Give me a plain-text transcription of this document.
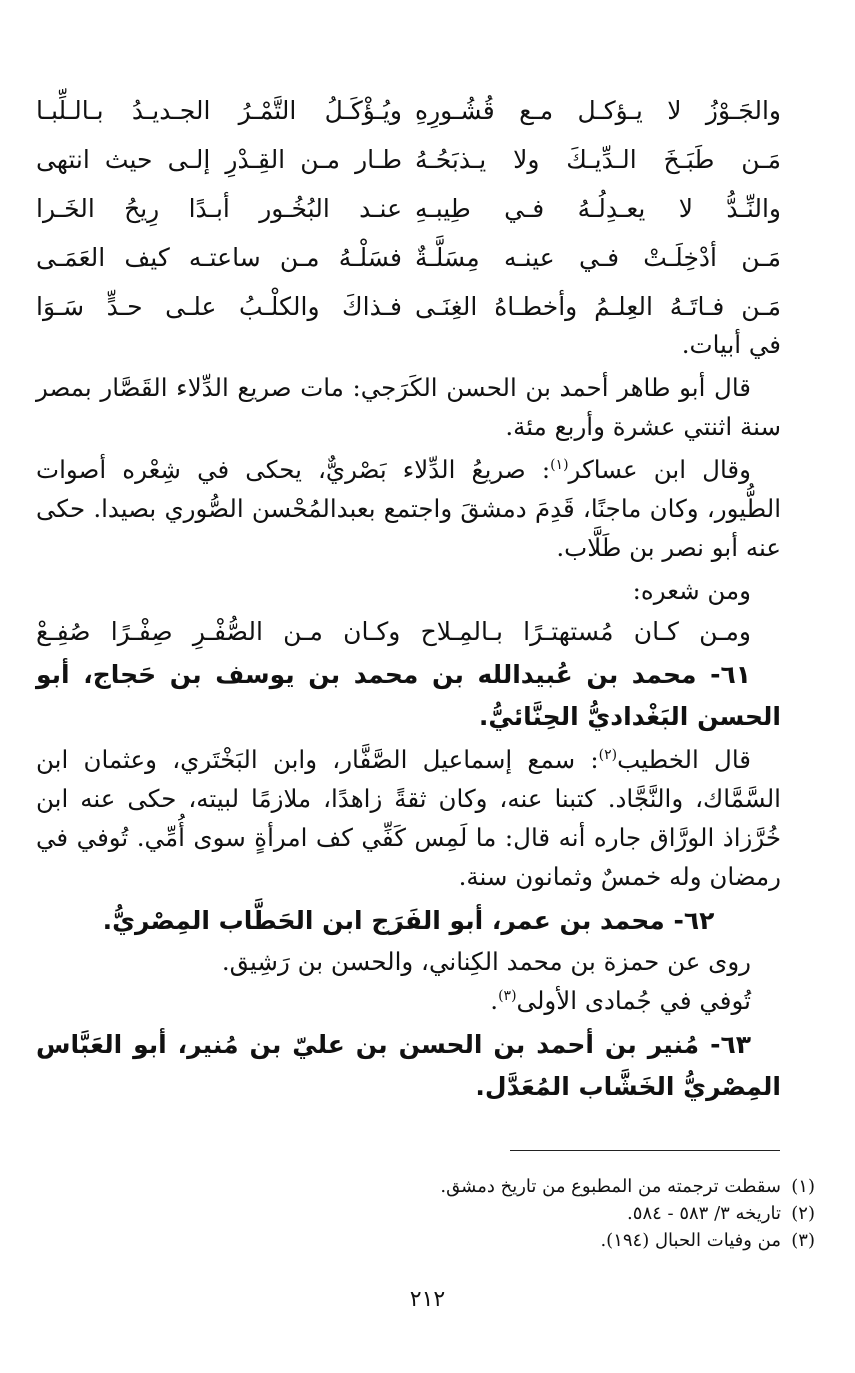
والجَـوْزُ لا يـؤكـل مـع قُشُـورِهِ
ويُـؤْكَـلُ التَّمْـرُ الجـديـدُ بـالـلِّبـا
مَـن طَبَـخَ الـدِّيـكَ ولا يـذبَحُـهُ
طـار مـن القِـدْرِ إلـى حيث انتهى
والنِّـدُّ لا يعـدِلُـهُ فـي طِيبـهِ
عنـد البُخُـور أبـدًا رِيحُ الخَـرا
مَـن أدْخِلَـتْ فـي عينـه مِسَلَّـةٌ
فسَلْـهُ مـن ساعتـه كيف العَمَـى
مَـن فـاتَـهُ العِلـمُ وأخطـاهُ الغِنَـى
فـذاكَ والكلْـبُ علـى حـدٍّ سَـوَا

في أبيات.

قال أبو طاهر أحمد بن الحسن الكَرَجي: مات صريع الدِّلاء القَصَّار بمصر سنة اثنتي عشرة وأربع مئة.

وقال ابن عساكر$^{(١)}$: صريعُ الدِّلاء بَصْريٌّ، يحكى في شِعْره أصوات الطُّيور، وكان ماجنًا، قَدِمَ دمشقَ واجتمع بعبدالمُحْسن الصُّوري بصيدا. حكى عنه أبو نصر بن طَلَّاب.

ومن شعره:

ومـن كـان مُستهتـرًا بـالمِـلاح وكـان مـن الصُّفْـرِ صِفْـرًا صُفِـعْ

٦١- محمد بن عُبيدالله بن محمد بن يوسف بن حَجاج، أبو الحسن البَغْداديُّ الحِنَّائيُّ.

قال الخطيب$^{(٢)}$: سمع إسماعيل الصَّفَّار، وابن البَخْتَري، وعثمان ابن السَّمَّاك، والنَّجَّاد. كتبنا عنه، وكان ثقةً زاهدًا، ملازمًا لبيته، حكى عنه ابن خُرَّزاذ الورَّاق جاره أنه قال: ما لَمِس كَفِّي كف امرأةٍ سوى أُمِّي. تُوفي في رمضان وله خمسٌ وثمانون سنة.

٦٢- محمد بن عمر، أبو الفَرَج ابن الحَطَّاب المِصْريُّ.

روى عن حمزة بن محمد الكِناني، والحسن بن رَشِيق.

تُوفي في جُمادى الأولى$^{(٣)}$.

٦٣- مُنير بن أحمد بن الحسن بن عليّ بن مُنير، أبو العَبَّاس المِصْريُّ الخَشَّاب المُعَدَّل.

(١)سقطت ترجمته من المطبوع من تاريخ دمشق.
(٢)تاريخه ٣/ ٥٨٣ - ٥٨٤.
(٣)من وفيات الحبال (١٩٤).
٢١٢
